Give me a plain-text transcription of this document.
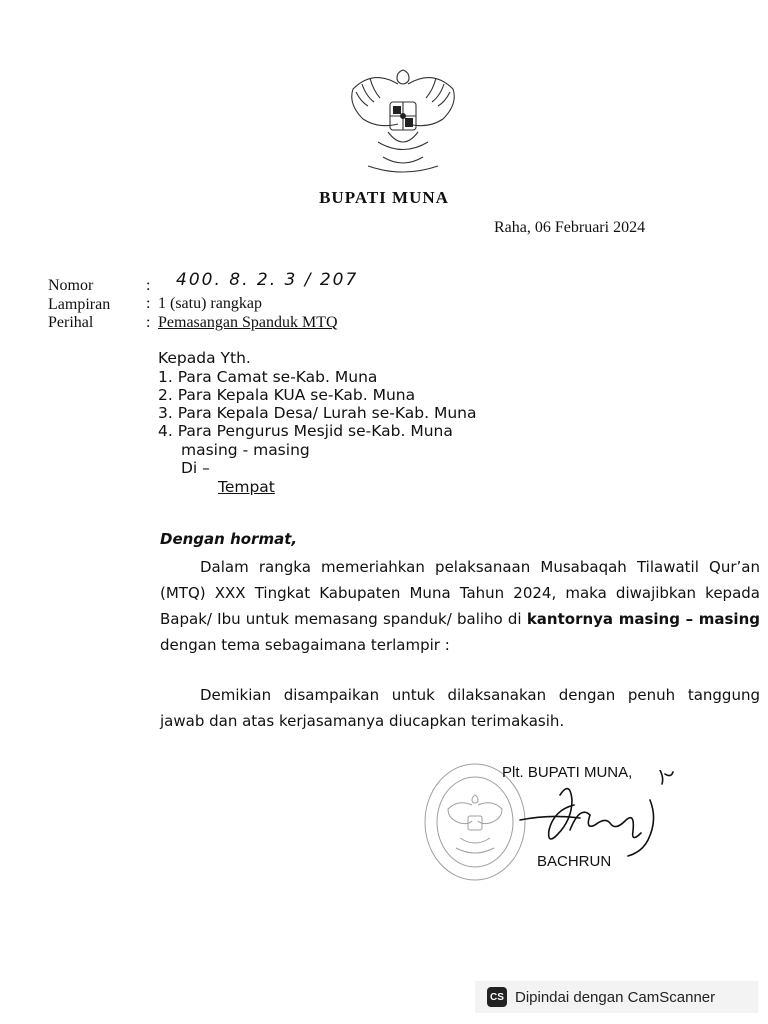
BUPATI MUNA
Raha, 06 Februari 2024
Nomor	: 400. 8. 2. 3 / 207
Lampiran : 1 (satu) rangkap
Perihal	: Pemasangan Spanduk MTQ
Kepada Yth.
1. Para Camat se-Kab. Muna
2. Para Kepala KUA se-Kab. Muna
3. Para Kepala Desa/ Lurah se-Kab. Muna
4. Para Pengurus Mesjid se-Kab. Muna
masing - masing
Di –
Tempat
Dengan hormat,
Dalam rangka memeriahkan pelaksanaan Musabaqah Tilawatil Qur’an (MTQ) XXX Tingkat Kabupaten Muna Tahun 2024, maka diwajibkan kepada Bapak/ Ibu untuk memasang spanduk/ baliho di kantornya masing – masing dengan tema sebagaimana terlampir :
Demikian disampaikan untuk dilaksanakan dengan penuh tanggung jawab dan atas kerjasamanya diucapkan terimakasih.
Plt. BUPATI MUNA,
BACHRUN
CS Dipindai dengan CamScanner
